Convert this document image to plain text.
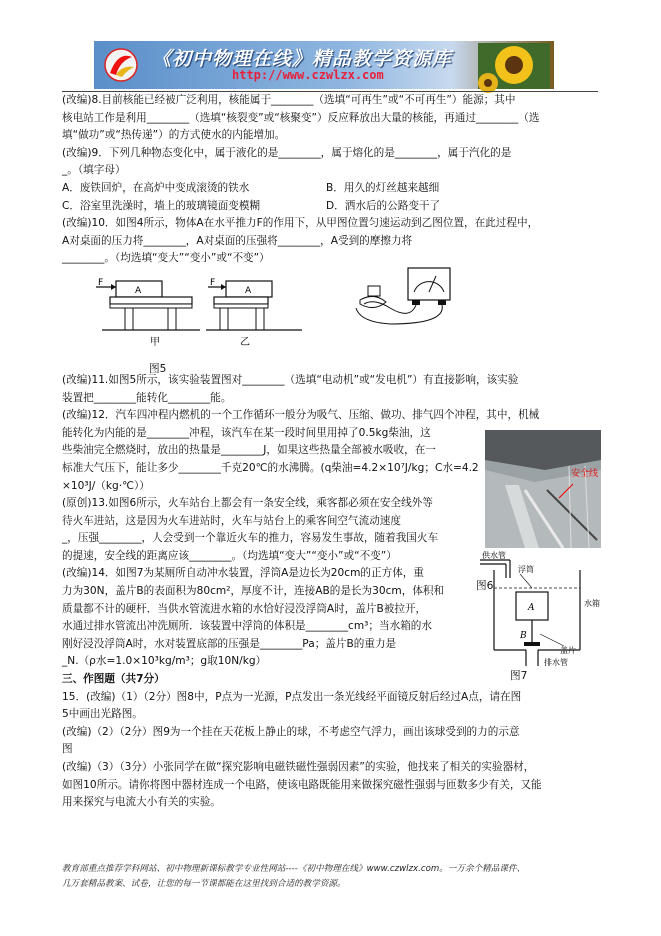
《初中物理在线》精品教学资源库
http://www.czwlzx.com

(改编)8.目前核能已经被广泛利用，核能属于________（选填“可再生”或“不可再生”）能源；其中

核电站工作是利用________（选填“核裂变”或“核聚变”）反应释放出大量的核能，再通过________（选

填“做功”或“热传递”）的方式使水的内能增加。

(改编)9．下列几种物态变化中，属于液化的是________，属于熔化的是________，属于汽化的是

_。（填字母）

A．废铁回炉，在高炉中变成滚烫的铁水	B．用久的灯丝越来越细
C．浴室里洗澡时，墙上的玻璃镜面变模糊	D．洒水后的公路变干了

(改编)10．如图4所示，物体A在水平推力F的作用下，从甲图位置匀速运动到乙图位置，在此过程中，

A对桌面的压力将________，A对桌面的压强将________，A受到的摩擦力将

________。（均选填“变大”“变小”或“不变”）

(改编)11.如图5所示，该实验装置图对________（选填“电动机”或“发电机”）有直接影响，该实验

装置把________能转化________能。

(改编)12．汽车四冲程内燃机的一个工作循环一般分为吸气、压缩、做功、排气四个冲程，其中，机械

能转化为内能的是________冲程，该汽车在某一段时间里用掉了0.5kg柴油，这

些柴油完全燃烧时，放出的热量是________J，如果这些热量全部被水吸收，在一

标准大气压下，能让多少________千克20℃的水沸腾。(q柴油=4.2×10⁷J/kg；C水=4.2

×10³J/（kg·℃））

(原创)13.如图6所示，火车站台上都会有一条安全线，乘客都必须在安全线外等

待火车进站，这是因为火车进站时，火车与站台上的乘客间空气流动速度

_，压强________，人会受到一个靠近火车的推力，容易发生事故，随着我国火车

的提速，安全线的距离应该________。（均选填“变大”“变小”或“不变”）

(改编)14．如图7为某厕所自动冲水装置，浮筒A是边长为20cm的正方体，重

力为30N，盖片B的表面积为80cm²，厚度不计，连接AB的是长为30cm，体积和

质量都不计的硬杆．当供水管流进水箱的水恰好浸没浮筒A时，盖片B被拉开，

水通过排水管流出冲洗厕所．该装置中浮筒的体积是________cm³；当水箱的水

刚好浸没浮筒A时，水对装置底部的压强是________Pa；盖片B的重力是

_N.（ρ水=1.0×10³kg/m³；g取10N/kg）

三、作图题（共7分）

15．(改编)（1）（2分）图8中，P点为一光源，P点发出一条光线经平面镜反射后经过A点，请在图

5中画出光路图。

(改编)（2）（2分）图9为一个挂在天花板上静止的球，不考虑空气浮力，画出该球受到的力的示意

图

(改编)（3）（3分）小张同学在做“探究影响电磁铁磁性强弱因素”的实验，他找来了相关的实验器材，

如图10所示。请你将图中器材连成一个电路，使该电路既能用来做探究磁性强弱与匝数多少有关，又能

用来探究与电流大小有关的实验。

F
A
F
A
甲	乙
图5
安全线
图6
供水管
浮筒
A
B
水箱
盖片
排水管
图7
教育部重点推荐学科网站、初中物理新课标教学专业性网站----《初中物理在线》www.czwlzx.com。一万余个精品课件、
几万套精品教案、试卷，让您的每一节课都能在这里找到合适的教学资源。
